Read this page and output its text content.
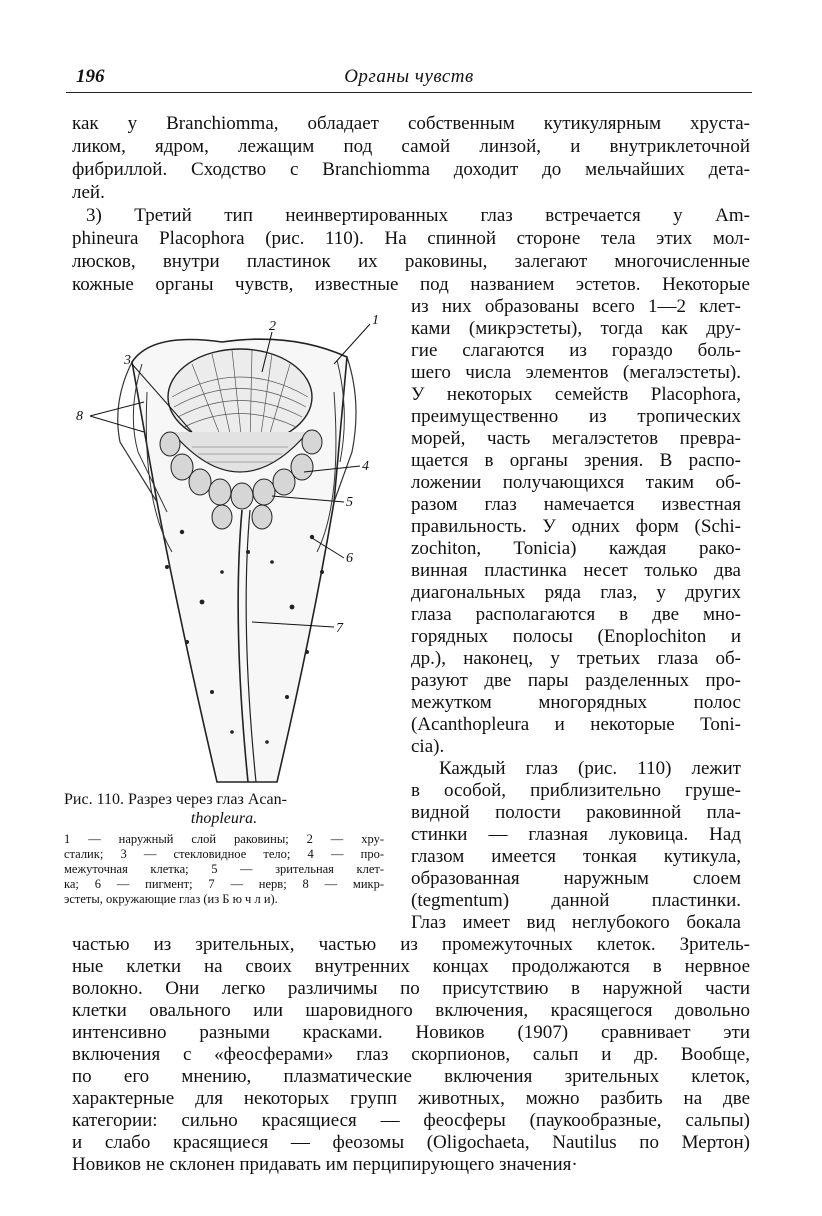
196	Органы чувств
как у Branchiomma, обладает собственным кутикулярным хруста-
ликом, ядром, лежащим под самой линзой, и внутриклеточной
фибриллой. Сходство с Branchiomma доходит до мельчайших дета-
лей.
3) Третий тип неинвертированных глаз встречается у Am-
phineura Placophora (рис. 110). На спинной стороне тела этих мол-
люсков, внутри пластинок их раковины, залегают многочисленные
кожные органы чувств, известные под названием эстетов. Некоторые
из них образованы всего 1—2 клет-
ками (микрэстеты), тогда как дру-
гие слагаются из гораздо боль-
шего числа элементов (мегалэстеты).
У некоторых семейств Placophora,
преимущественно из тропических
морей, часть мегалэстетов превра-
щается в органы зрения. В распо-
ложении получающихся таким об-
разом глаз намечается известная
правильность. У одних форм (Schi-
zochiton, Tonicia) каждая рако-
винная пластинка несет только два
диагональных ряда глаз, у других
глаза располагаются в две мно-
горядных полосы (Enoplochiton и
др.), наконец, у третьих глаза об-
разуют две пары разделенных про-
межутком многорядных полос
(Acanthopleura и некоторые Toni-
cia).
Каждый глаз (рис. 110) лежит
в особой, приблизительно груше-
видной полости раковинной пла-
стинки — глазная луковица. Над
глазом имеется тонкая кутикула,
образованная наружным слоем
(tegmentum) данной пластинки.
Глаз имеет вид неглубокого бокала
частью из зрительных, частью из промежуточных клеток. Зритель-
ные клетки на своих внутренних концах продолжаются в нервное
волокно. Они легко различимы по присутствию в наружной части
клетки овального или шаровидного включения, красящегося довольно
интенсивно разными красками. Новиков (1907) сравнивает эти
включения с «феосферами» глаз скорпионов, сальп и др. Вообще,
по его мнению, плазматические включения зрительных клеток,
характерные для некоторых групп животных, можно разбить на две
категории: сильно красящиеся — феосферы (паукообразные, сальпы)
и слабо красящиеся — феозомы (Oligochaeta, Nautilus по Мертон)
Новиков не склонен придавать им перципирующего значения·
1
2
3
4
5
6
7
8
Рис. 110. Разрез через глаз Acan-
thopleura.
1 — наружный слой раковины; 2 — хру-
сталик; 3 — стекловидное тело; 4 — про-
межуточная клетка; 5 — зрительная клет-
ка; 6 — пигмент; 7 — нерв; 8 — микр-
эстеты, окружающие глаз (из Б ю ч л и).
